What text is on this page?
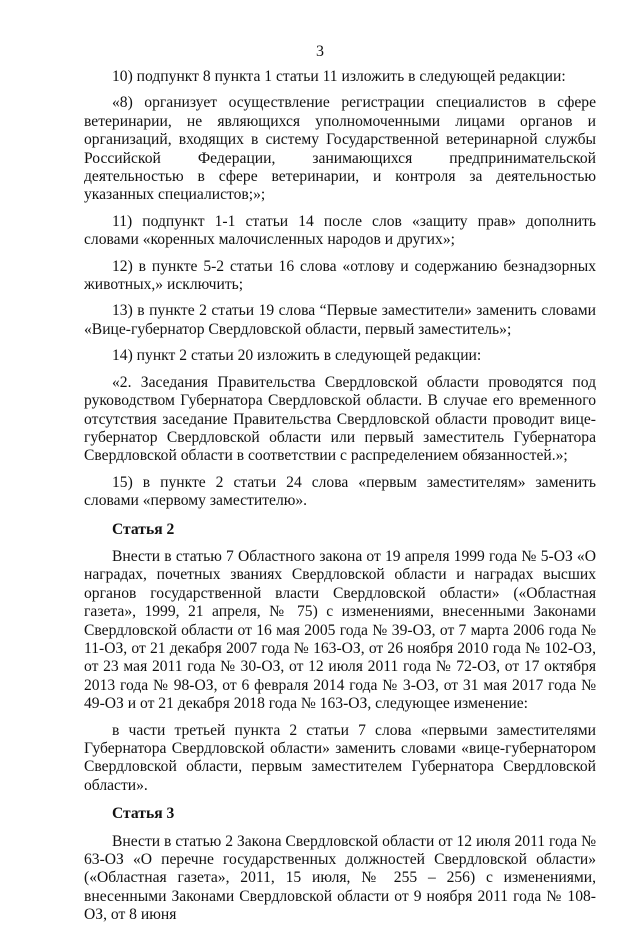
3

10) подпункт 8 пункта 1 статьи 11 изложить в следующей редакции:

«8) организует осуществление регистрации специалистов в сфере ветеринарии, не являющихся уполномоченными лицами органов и организаций, входящих в систему Государственной ветеринарной службы Российской Федерации, занимающихся предпринимательской деятельностью в сфере ветеринарии, и контроля за деятельностью указанных специалистов;»;

11) подпункт 1-1 статьи 14 после слов «защиту прав» дополнить словами «коренных малочисленных народов и других»;

12) в пункте 5-2 статьи 16 слова «отлову и содержанию безнадзорных животных,» исключить;

13) в пункте 2 статьи 19 слова “Первые заместители» заменить словами «Вице-губернатор Свердловской области, первый заместитель»;

14) пункт 2 статьи 20 изложить в следующей редакции:

«2. Заседания Правительства Свердловской области проводятся под руководством Губернатора Свердловской области. В случае его временного отсутствия заседание Правительства Свердловской области проводит вице-губернатор Свердловской области или первый заместитель Губернатора Свердловской области в соответствии с распределением обязанностей.»;

15) в пункте 2 статьи 24 слова «первым заместителям» заменить словами «первому заместителю».

Статья 2

Внести в статью 7 Областного закона от 19 апреля 1999 года № 5-ОЗ «О наградах, почетных званиях Свердловской области и наградах высших органов государственной власти Свердловской области» («Областная газета», 1999, 21 апреля, № 75) с изменениями, внесенными Законами Свердловской области от 16 мая 2005 года № 39-ОЗ, от 7 марта 2006 года № 11-ОЗ, от 21 декабря 2007 года № 163-ОЗ, от 26 ноября 2010 года № 102-ОЗ, от 23 мая 2011 года № 30-ОЗ, от 12 июля 2011 года № 72-ОЗ, от 17 октября 2013 года № 98-ОЗ, от 6 февраля 2014 года № 3-ОЗ, от 31 мая 2017 года № 49-ОЗ и от 21 декабря 2018 года № 163-ОЗ, следующее изменение:

в части третьей пункта 2 статьи 7 слова «первыми заместителями Губернатора Свердловской области» заменить словами «вице-губернатором Свердловской области, первым заместителем Губернатора Свердловской области».

Статья 3

Внести в статью 2 Закона Свердловской области от 12 июля 2011 года № 63-ОЗ «О перечне государственных должностей Свердловской области» («Областная газета», 2011, 15 июля, № 255 – 256) с изменениями, внесенными Законами Свердловской области от 9 ноября 2011 года № 108-ОЗ, от 8 июня
